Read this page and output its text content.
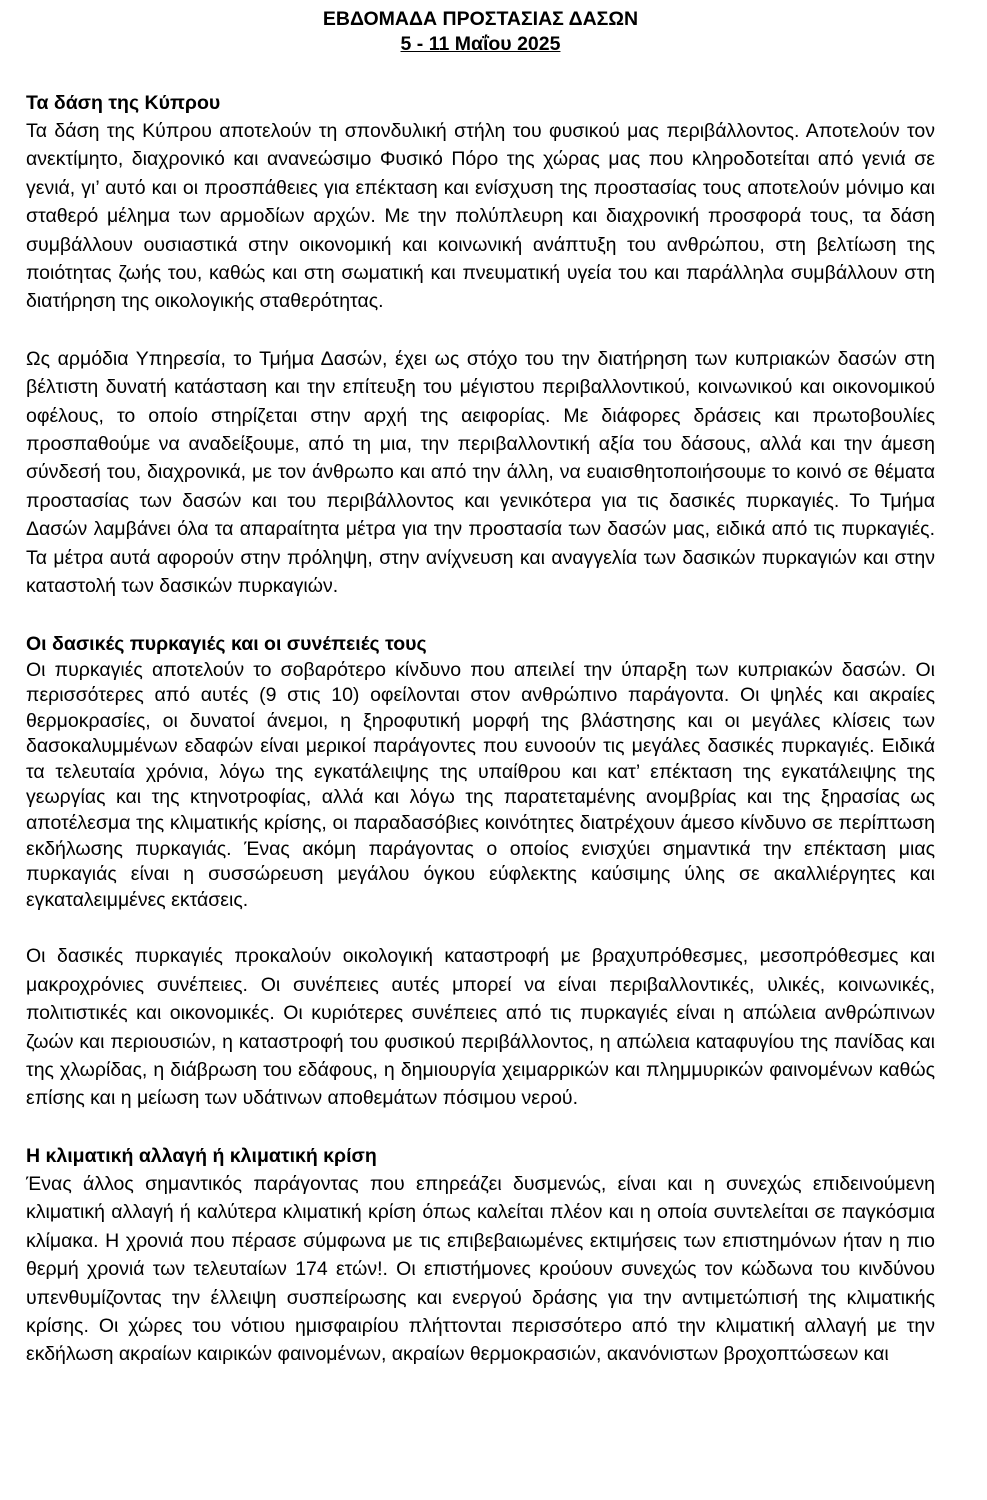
ΕΒΔΟΜΑΔΑ ΠΡΟΣΤΑΣΙΑΣ ΔΑΣΩΝ

5 - 11 Μαΐου 2025

Τα δάση της Κύπρου

Τα δάση της Κύπρου αποτελούν τη σπονδυλική στήλη του φυσικού μας περιβάλλοντος. Αποτελούν τον ανεκτίμητο, διαχρονικό και ανανεώσιμο Φυσικό Πόρο της χώρας μας που κληροδοτείται από γενιά σε γενιά, γι’ αυτό και οι προσπάθειες για επέκταση και ενίσχυση της προστασίας τους αποτελούν μόνιμο και σταθερό μέλημα των αρμοδίων αρχών. Με την πολύπλευρη και διαχρονική προσφορά τους, τα δάση συμβάλλουν ουσιαστικά στην οικονομική και κοινωνική ανάπτυξη του ανθρώπου, στη βελτίωση της ποιότητας ζωής του, καθώς και στη σωματική και πνευματική υγεία του και παράλληλα συμβάλλουν στη διατήρηση της οικολογικής σταθερότητας.

Ως αρμόδια Υπηρεσία, το Τμήμα Δασών, έχει ως στόχο του την διατήρηση των κυπριακών δασών στη βέλτιστη δυνατή κατάσταση και την επίτευξη του μέγιστου περιβαλλοντικού, κοινωνικού και οικονομικού οφέλους, το οποίο στηρίζεται στην αρχή της αειφορίας. Με διάφορες δράσεις και πρωτοβουλίες προσπαθούμε να αναδείξουμε, από τη μια, την περιβαλλοντική αξία του δάσους, αλλά και την άμεση σύνδεσή του, διαχρονικά, με τον άνθρωπο και από την άλλη, να ευαισθητοποιήσουμε το κοινό σε θέματα προστασίας των δασών και του περιβάλλοντος και γενικότερα για τις δασικές πυρκαγιές. Το Τμήμα Δασών λαμβάνει όλα τα απαραίτητα μέτρα για την προστασία των δασών μας, ειδικά από τις πυρκαγιές. Τα μέτρα αυτά αφορούν στην πρόληψη, στην ανίχνευση και αναγγελία των δασικών πυρκαγιών και στην καταστολή των δασικών πυρκαγιών.

Οι δασικές πυρκαγιές και οι συνέπειές τους

Οι πυρκαγιές αποτελούν το σοβαρότερο κίνδυνο που απειλεί την ύπαρξη των κυπριακών δασών. Οι περισσότερες από αυτές (9 στις 10) οφείλονται στον ανθρώπινο παράγοντα. Οι ψηλές και ακραίες θερμοκρασίες, οι δυνατοί άνεμοι, η ξηροφυτική μορφή της βλάστησης και οι μεγάλες κλίσεις των δασοκαλυμμένων εδαφών είναι μερικοί παράγοντες που ευνοούν τις μεγάλες δασικές πυρκαγιές. Ειδικά τα τελευταία χρόνια, λόγω της εγκατάλειψης της υπαίθρου και κατ’ επέκταση της εγκατάλειψης της γεωργίας και της κτηνοτροφίας, αλλά και λόγω της παρατεταμένης ανομβρίας και της ξηρασίας ως αποτέλεσμα της κλιματικής κρίσης, οι παραδασόβιες κοινότητες διατρέχουν άμεσο κίνδυνο σε περίπτωση εκδήλωσης πυρκαγιάς. Ένας ακόμη παράγοντας ο οποίος ενισχύει σημαντικά την επέκταση μιας πυρκαγιάς είναι η συσσώρευση μεγάλου όγκου εύφλεκτης καύσιμης ύλης σε ακαλλιέργητες και εγκαταλειμμένες εκτάσεις.

Οι δασικές πυρκαγιές προκαλούν οικολογική καταστροφή με βραχυπρόθεσμες, μεσοπρόθεσμες και μακροχρόνιες συνέπειες. Οι συνέπειες αυτές μπορεί να είναι περιβαλλοντικές, υλικές, κοινωνικές, πολιτιστικές και οικονομικές. Οι κυριότερες συνέπειες από τις πυρκαγιές είναι η απώλεια ανθρώπινων ζωών και περιουσιών, η καταστροφή του φυσικού περιβάλλοντος, η απώλεια καταφυγίου της πανίδας και της χλωρίδας, η διάβρωση του εδάφους, η δημιουργία χειμαρρικών και πλημμυρικών φαινομένων καθώς επίσης και η μείωση των υδάτινων αποθεμάτων πόσιμου νερού.

Η κλιματική αλλαγή ή κλιματική κρίση

Ένας άλλος σημαντικός παράγοντας που επηρεάζει δυσμενώς, είναι και η συνεχώς επιδεινούμενη κλιματική αλλαγή ή καλύτερα κλιματική κρίση όπως καλείται πλέον και η οποία συντελείται σε παγκόσμια κλίμακα. Η χρονιά που πέρασε σύμφωνα με τις επιβεβαιωμένες εκτιμήσεις των επιστημόνων ήταν η πιο θερμή χρονιά των τελευταίων 174 ετών!. Οι επιστήμονες κρούουν συνεχώς τον κώδωνα του κινδύνου υπενθυμίζοντας την έλλειψη συσπείρωσης και ενεργού δράσης για την αντιμετώπισή της κλιματικής κρίσης. Οι χώρες του νότιου ημισφαιρίου πλήττονται περισσότερο από την κλιματική αλλαγή με την εκδήλωση ακραίων καιρικών φαινομένων, ακραίων θερμοκρασιών, ακανόνιστων βροχοπτώσεων και
